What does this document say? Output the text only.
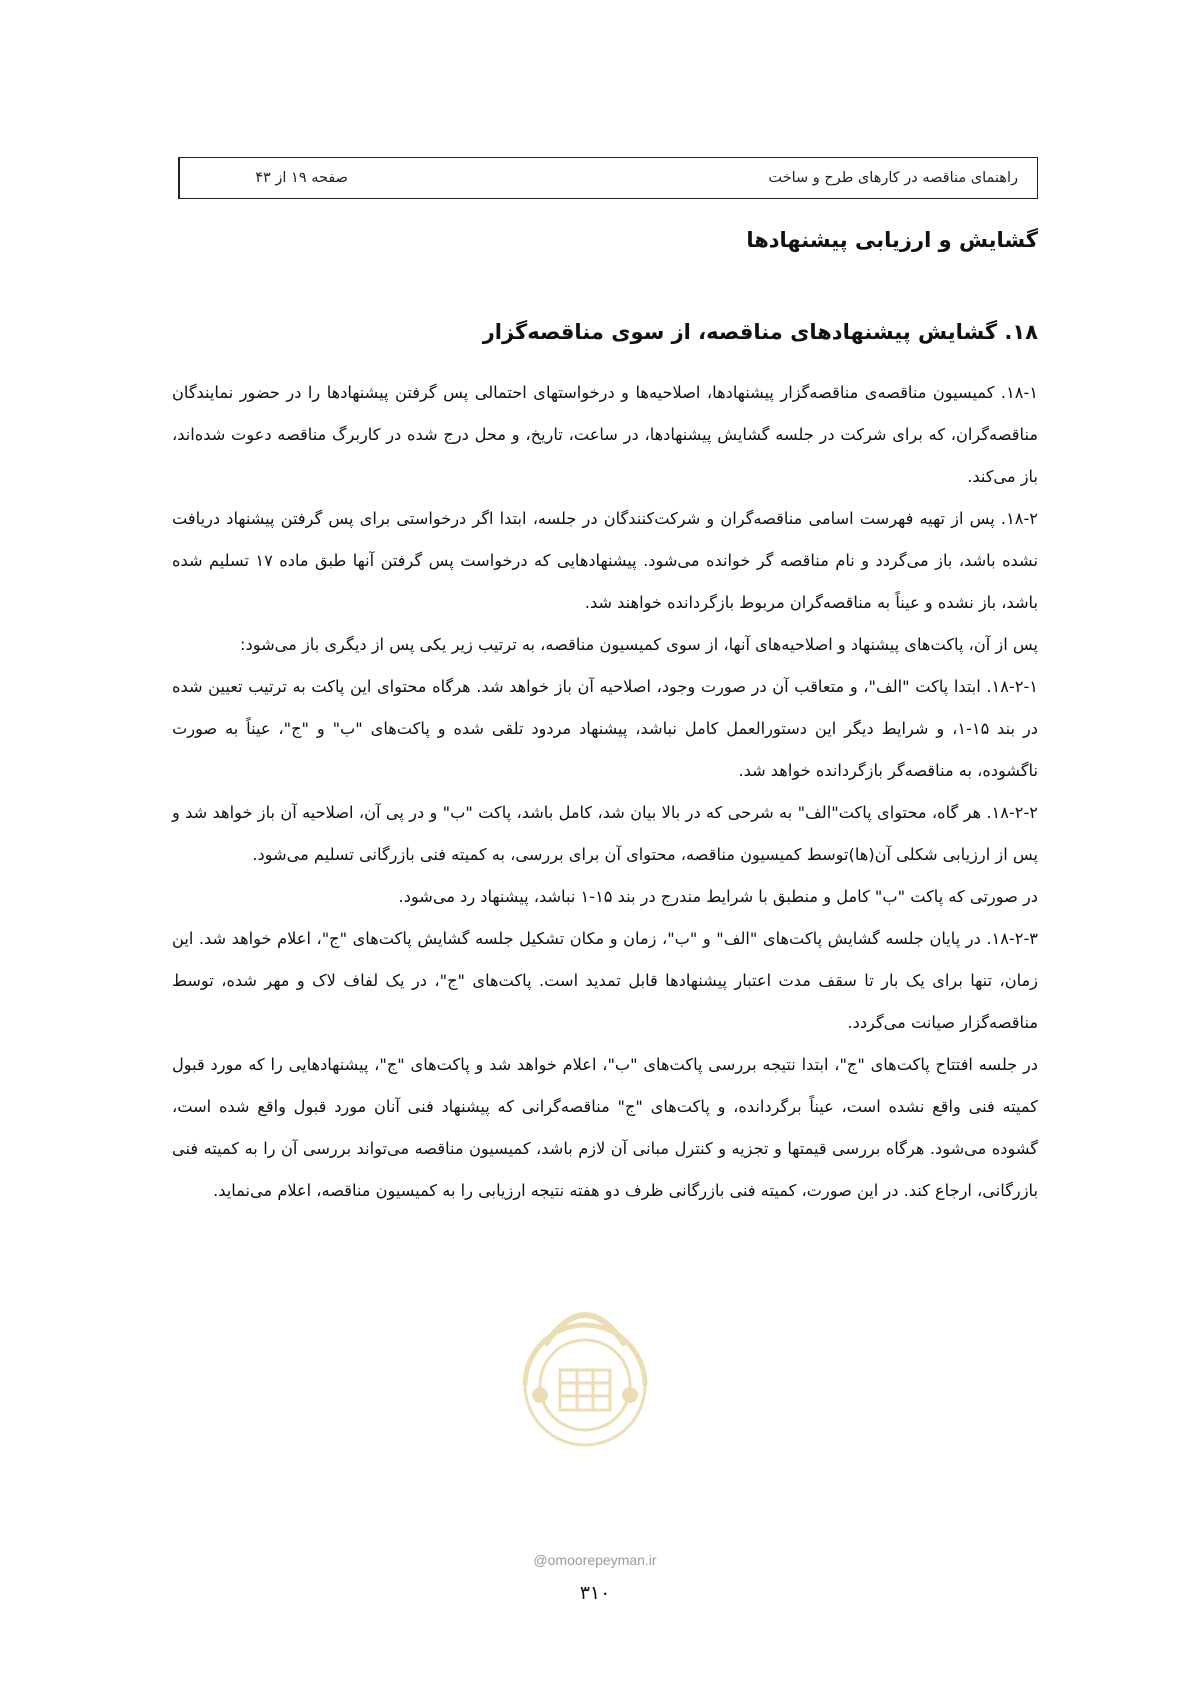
صفحه ۱۹ از ۴۳	راهنمای مناقصه در کارهای طرح و ساخت
گشایش و ارزیابی پیشنهادها
۱۸. گشایش پیشنهادهای مناقصه، از سوی مناقصه‌گزار

۱۸-۱. کمیسیون مناقصه‌ی مناقصه‌گزار پیشنهادها، اصلاحیه‌ها و درخواستهای احتمالی پس گرفتن پیشنهادها را در حضور نمایندگان مناقصه‌گران، که برای شرکت در جلسه گشایش پیشنهادها، در ساعت، تاریخ، و محل درج شده در کاربرگ مناقصه دعوت شده‌اند، باز می‌کند.

۱۸-۲. پس از تهیه فهرست اسامی مناقصه‌گران و شرکت‌کنندگان در جلسه، ابتدا اگر درخواستی برای پس گرفتن پیشنهاد دریافت نشده باشد، باز می‌گردد و نام مناقصه گر خوانده می‌شود. پیشنهادهایی که درخواست پس گرفتن آنها طبق ماده ۱۷ تسلیم شده باشد، باز نشده و عیناً به مناقصه‌گران مربوط بازگردانده خواهند شد.

پس از آن، پاکت‌های پیشنهاد و اصلاحیه‌های آنها، از سوی کمیسیون مناقصه، به ترتیب زیر یکی پس از دیگری باز می‌شود:

۱۸-۲-۱. ابتدا پاکت "الف"، و متعاقب آن در صورت وجود، اصلاحیه آن باز خواهد شد. هرگاه محتوای این پاکت به ترتیب تعیین شده در بند ۱۵-۱، و شرایط دیگر این دستورالعمل کامل نباشد، پیشنهاد مردود تلقی شده و پاکت‌های "ب" و "ج"، عیناً به صورت ناگشوده، به مناقصه‌گر بازگردانده خواهد شد.

۱۸-۲-۲. هر گاه، محتوای پاکت"الف" به شرحی که در بالا بیان شد، کامل باشد، پاکت "ب" و در پی آن، اصلاحیه آن باز خواهد شد و پس از ارزیابی شکلی آن(ها)توسط کمیسیون مناقصه، محتوای آن برای بررسی، به کمیته فنی بازرگانی تسلیم می‌شود.

در صورتی که پاکت "ب" کامل و منطبق با شرایط مندرج در بند ۱۵-۱ نباشد، پیشنهاد رد می‌شود.

۱۸-۲-۳. در پایان جلسه گشایش پاکت‌های "الف" و "ب"، زمان و مکان تشکیل جلسه گشایش پاکت‌های "ج"، اعلام خواهد شد. این زمان، تنها برای یک بار تا سقف مدت اعتبار پیشنهادها قابل تمدید است. پاکت‌های "ج"، در یک لفاف لاک و مهر شده، توسط مناقصه‌گزار صیانت می‌گردد.

در جلسه افتتاح پاکت‌های "ج"، ابتدا نتیجه بررسی پاکت‌های "ب"، اعلام خواهد شد و پاکت‌های "ج"، پیشنهادهایی را که مورد قبول کمیته فنی واقع نشده است، عیناً برگردانده، و پاکت‌های "ج" مناقصه‌گرانی که پیشنهاد فنی آنان مورد قبول واقع شده است، گشوده می‌شود. هرگاه بررسی قیمتها و تجزیه و کنترل مبانی آن لازم باشد، کمیسیون مناقصه می‌تواند بررسی آن را به کمیته فنی بازرگانی، ارجاع کند. در این صورت، کمیته فنی بازرگانی ظرف دو هفته نتیجه ارزیابی را به کمیسیون مناقصه، اعلام می‌نماید.

@omoorepeyman.ir
۳۱۰
